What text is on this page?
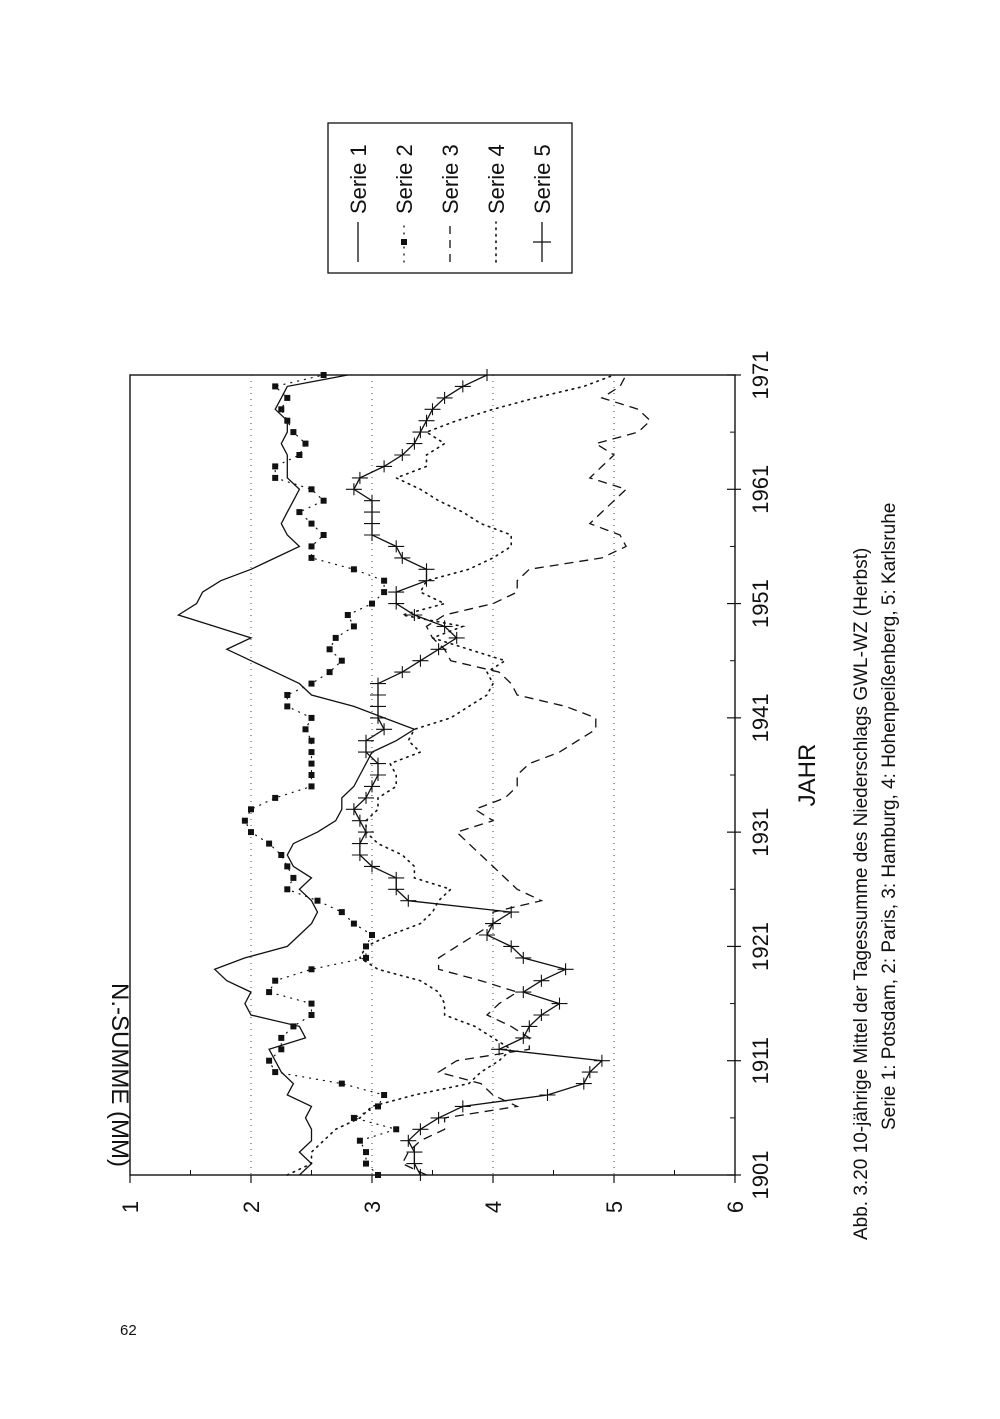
1	2	3	4	5	6
1901
1911
1921
1931
1941
1951
1961
1971
JAHR
N.-SUMME (MM)
Serie 1 Serie 2 Serie 3 Serie 4 Serie 5
Abb. 3.20 10-jährige Mittel der Tagessumme des Niederschlags GWL-WZ (Herbst) Serie 1: Potsdam, 2: Paris, 3: Hamburg, 4: Hohenpeißenberg, 5: Karlsruhe
62
